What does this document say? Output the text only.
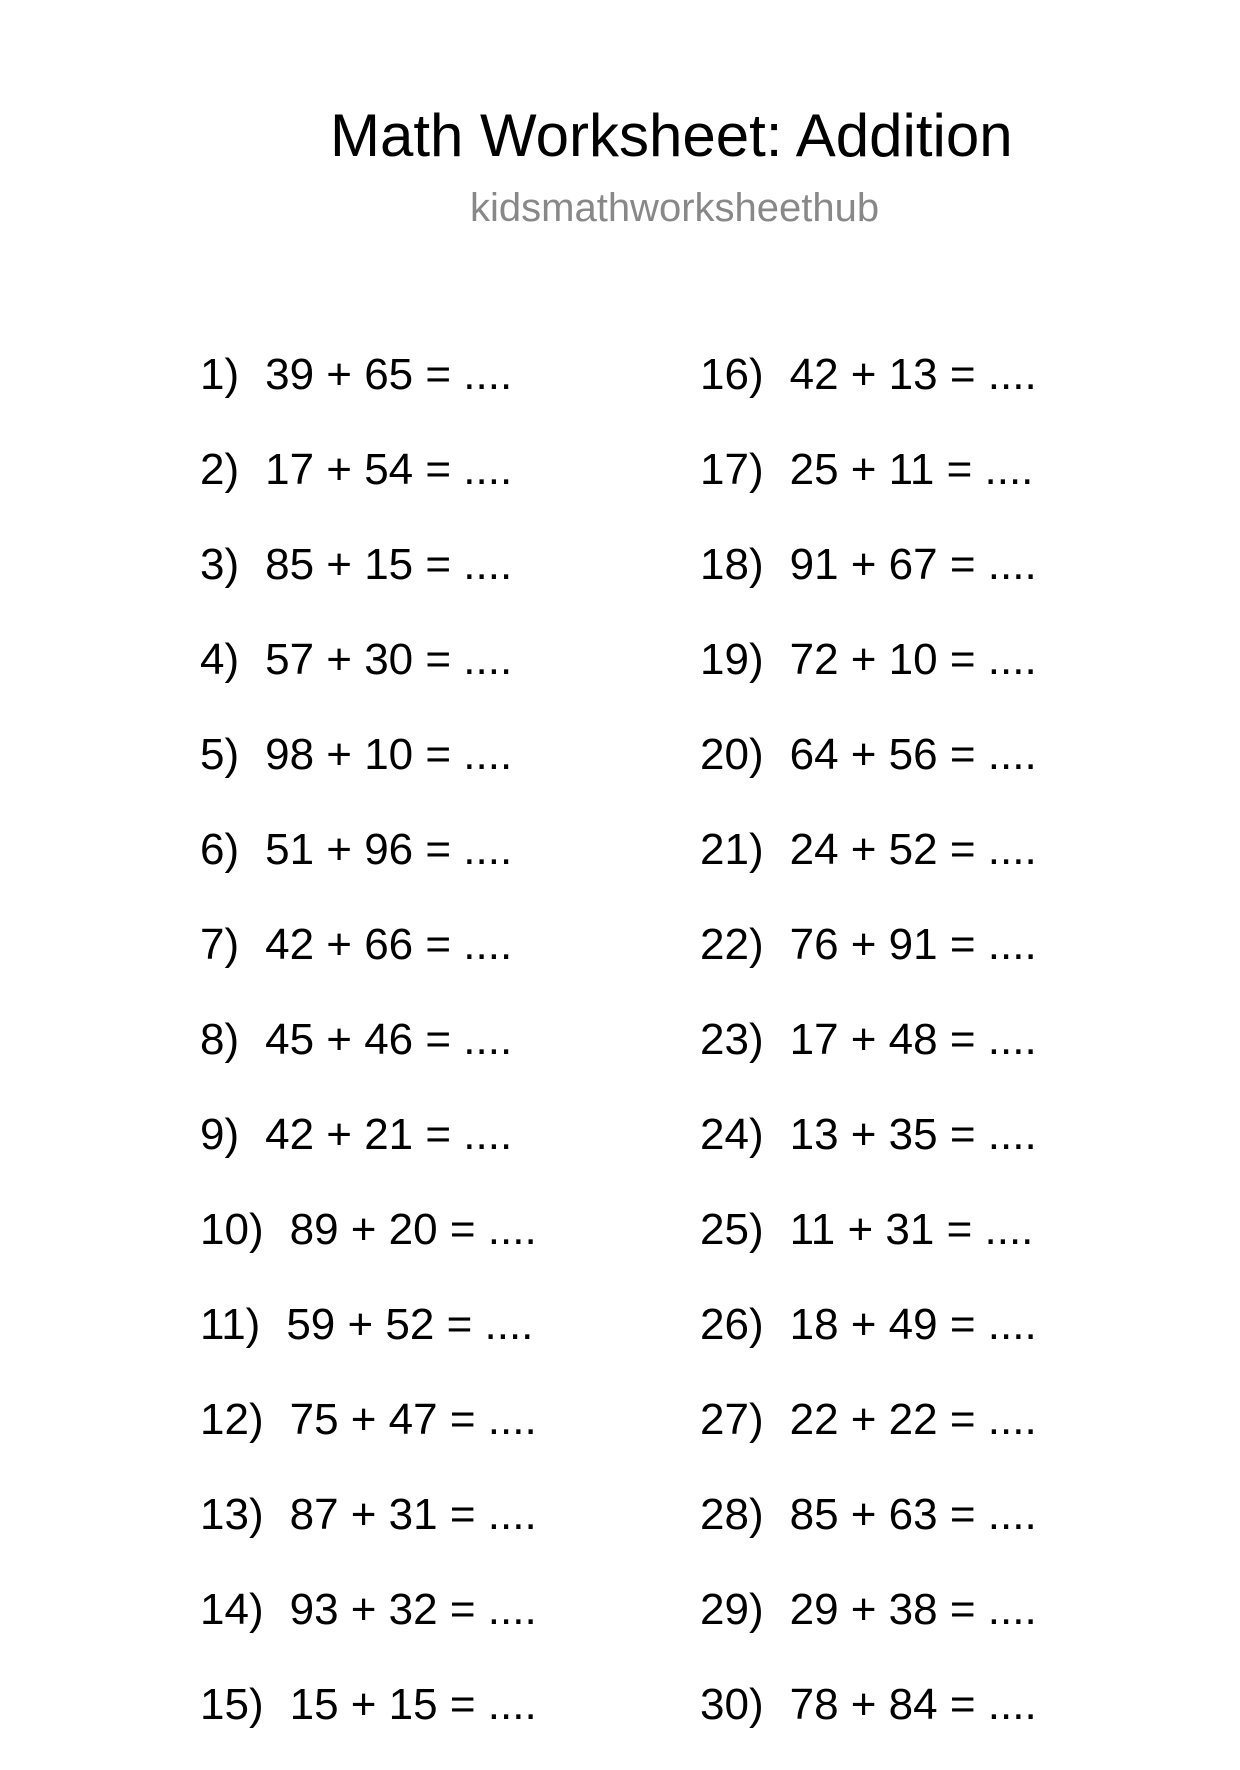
Math Worksheet: Addition
kidsmathworksheethub
1) 39 + 65 = ....
2) 17 + 54 = ....
3) 85 + 15 = ....
4) 57 + 30 = ....
5) 98 + 10 = ....
6) 51 + 96 = ....
7) 42 + 66 = ....
8) 45 + 46 = ....
9) 42 + 21 = ....
10) 89 + 20 = ....
11) 59 + 52 = ....
12) 75 + 47 = ....
13) 87 + 31 = ....
14) 93 + 32 = ....
15) 15 + 15 = ....
16) 42 + 13 = ....
17) 25 + 11 = ....
18) 91 + 67 = ....
19) 72 + 10 = ....
20) 64 + 56 = ....
21) 24 + 52 = ....
22) 76 + 91 = ....
23) 17 + 48 = ....
24) 13 + 35 = ....
25) 11 + 31 = ....
26) 18 + 49 = ....
27) 22 + 22 = ....
28) 85 + 63 = ....
29) 29 + 38 = ....
30) 78 + 84 = ....
